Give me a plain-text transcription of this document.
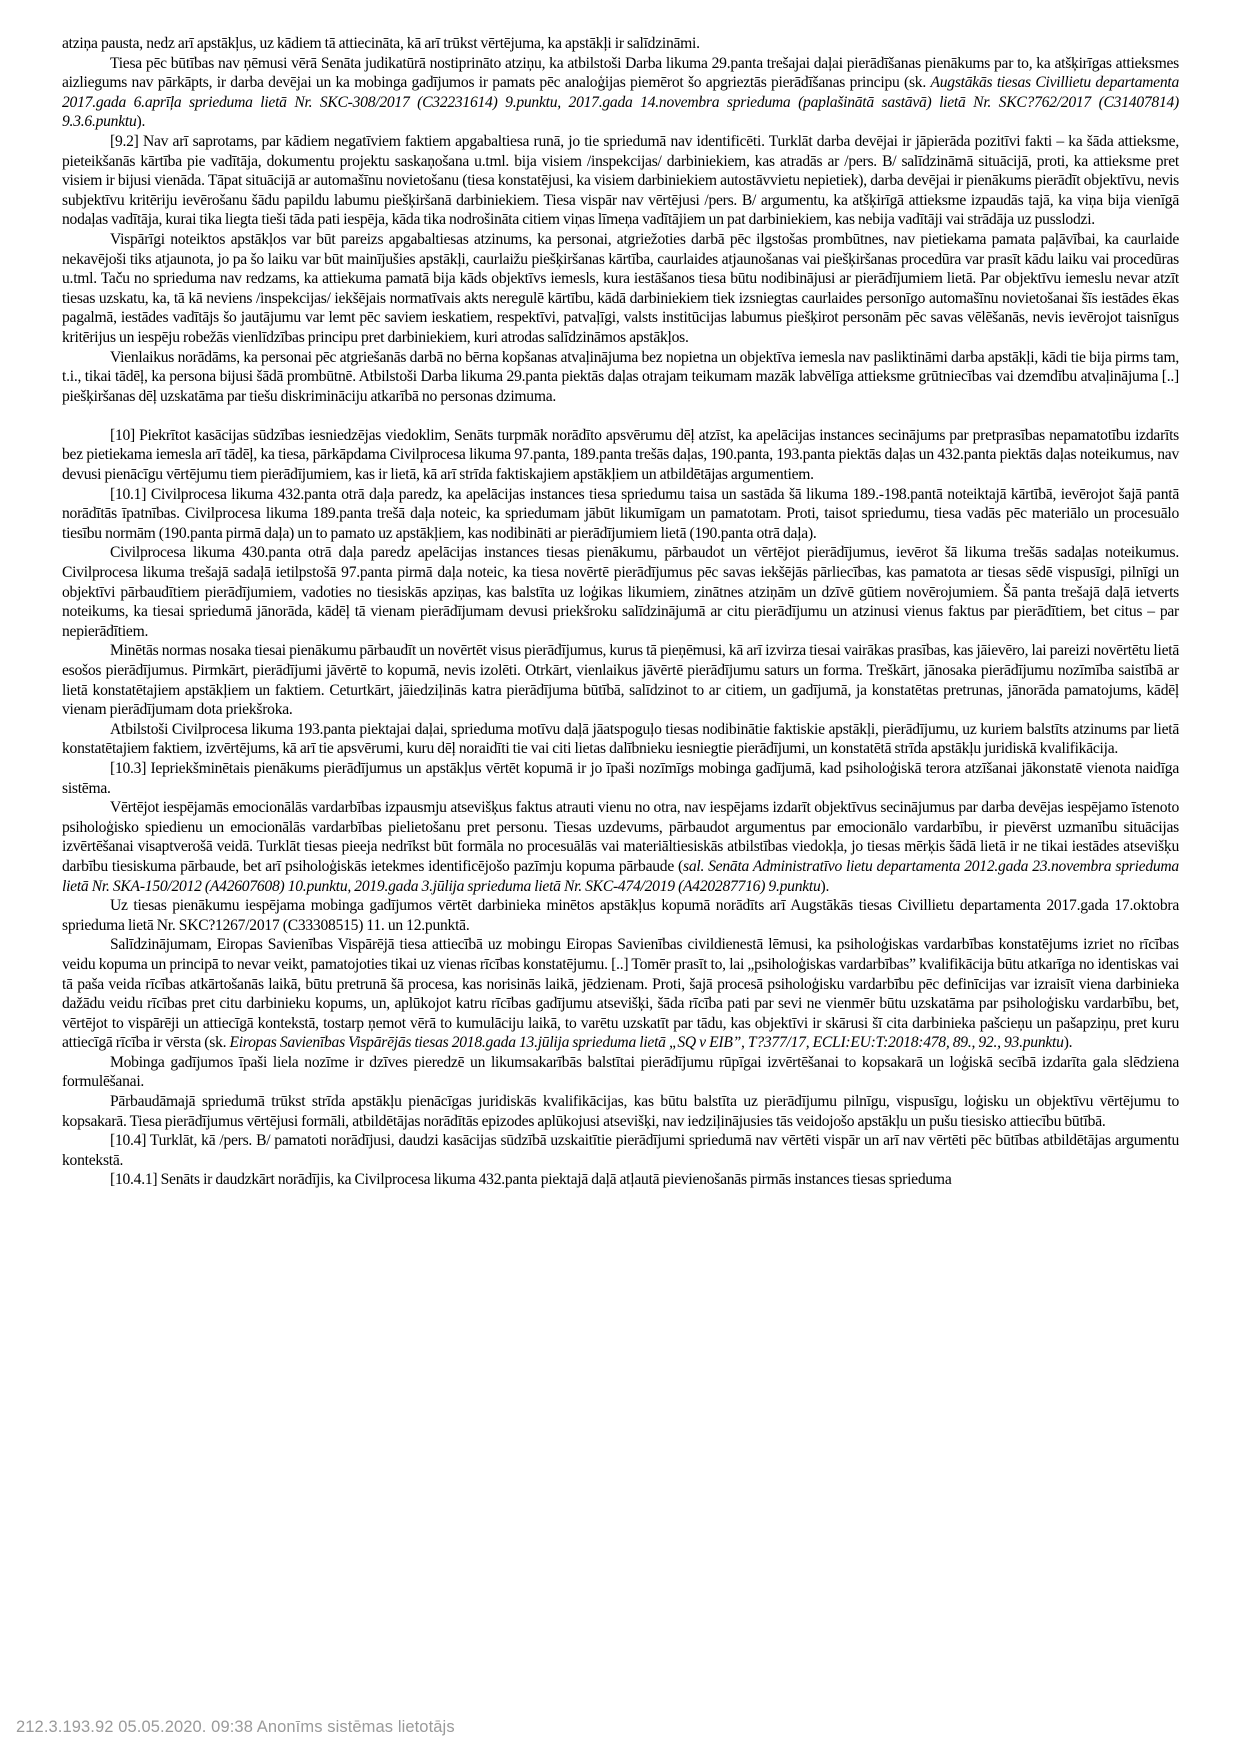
atziņa pausta, nedz arī apstākļus, uz kādiem tā attiecināta, kā arī trūkst vērtējuma, ka apstākļi ir salīdzināmi.

Tiesa pēc būtības nav ņēmusi vērā Senāta judikatūrā nostiprināto atziņu, ka atbilstoši Darba likuma 29.panta trešajai daļai pierādīšanas pienākums par to, ka atšķirīgas attieksmes aizliegums nav pārkāpts, ir darba devējai un ka mobinga gadījumos ir pamats pēc analoģijas piemērot šo apgrieztās pierādīšanas principu (sk. Augstākās tiesas Civillietu departamenta 2017.gada 6.aprīļa sprieduma lietā Nr. SKC-308/2017 (C32231614) 9.punktu, 2017.gada 14.novembra sprieduma (paplašinātā sastāvā) lietā Nr. SKC?762/2017 (C31407814) 9.3.6.punktu).

[9.2] Nav arī saprotams, par kādiem negatīviem faktiem apgabaltiesa runā, jo tie spriedumā nav identificēti. Turklāt darba devējai ir jāpierāda pozitīvi fakti – ka šāda attieksme, pieteikšanās kārtība pie vadītāja, dokumentu projektu saskaņošana u.tml. bija visiem /inspekcijas/ darbiniekiem, kas atradās ar /pers. B/ salīdzināmā situācijā, proti, ka attieksme pret visiem ir bijusi vienāda. Tāpat situācijā ar automašīnu novietošanu (tiesa konstatējusi, ka visiem darbiniekiem autostāvvietu nepietiek), darba devējai ir pienākums pierādīt objektīvu, nevis subjektīvu kritēriju ievērošanu šādu papildu labumu piešķiršanā darbiniekiem. Tiesa vispār nav vērtējusi /pers. B/ argumentu, ka atšķirīgā attieksme izpaudās tajā, ka viņa bija vienīgā nodaļas vadītāja, kurai tika liegta tieši tāda pati iespēja, kāda tika nodrošināta citiem viņas līmeņa vadītājiem un pat darbiniekiem, kas nebija vadītāji vai strādāja uz pusslodzi.

Vispārīgi noteiktos apstākļos var būt pareizs apgabaltiesas atzinums, ka personai, atgriežoties darbā pēc ilgstošas prombūtnes, nav pietiekama pamata paļāvībai, ka caurlaide nekavējoši tiks atjaunota, jo pa šo laiku var būt mainījušies apstākļi, caurlaižu piešķiršanas kārtība, caurlaides atjaunošanas vai piešķiršanas procedūra var prasīt kādu laiku vai procedūras u.tml. Taču no sprieduma nav redzams, ka attiekuma pamatā bija kāds objektīvs iemesls, kura iestāšanos tiesa būtu nodibinājusi ar pierādījumiem lietā. Par objektīvu iemeslu nevar atzīt tiesas uzskatu, ka, tā kā neviens /inspekcijas/ iekšējais normatīvais akts neregulē kārtību, kādā darbiniekiem tiek izsniegtas caurlaides personīgo automašīnu novietošanai šīs iestādes ēkas pagalmā, iestādes vadītājs šo jautājumu var lemt pēc saviem ieskatiem, respektīvi, patvaļīgi, valsts institūcijas labumus piešķirot personām pēc savas vēlēšanās, nevis ievērojot taisnīgus kritērijus un iespēju robežās vienlīdzības principu pret darbiniekiem, kuri atrodas salīdzināmos apstākļos.

Vienlaikus norādāms, ka personai pēc atgriešanās darbā no bērna kopšanas atvaļinājuma bez nopietna un objektīva iemesla nav pasliktināmi darba apstākļi, kādi tie bija pirms tam, t.i., tikai tādēļ, ka persona bijusi šādā prombūtnē. Atbilstoši Darba likuma 29.panta piektās daļas otrajam teikumam mazāk labvēlīga attieksme grūtniecības vai dzemdību atvaļinājuma [..] piešķiršanas dēļ uzskatāma par tiešu diskrimināciju atkarībā no personas dzimuma.

[10] Piekrītot kasācijas sūdzības iesniedzējas viedoklim, Senāts turpmāk norādīto apsvērumu dēļ atzīst, ka apelācijas instances secinājums par pretprasības nepamatotību izdarīts bez pietiekama iemesla arī tādēļ, ka tiesa, pārkāpdama Civilprocesa likuma 97.panta, 189.panta trešās daļas, 190.panta, 193.panta piektās daļas un 432.panta piektās daļas noteikumus, nav devusi pienācīgu vērtējumu tiem pierādījumiem, kas ir lietā, kā arī strīda faktiskajiem apstākļiem un atbildētājas argumentiem.

[10.1] Civilprocesa likuma 432.panta otrā daļa paredz, ka apelācijas instances tiesa spriedumu taisa un sastāda šā likuma 189.-198.pantā noteiktajā kārtībā, ievērojot šajā pantā norādītās īpatnības. Civilprocesa likuma 189.panta trešā daļa noteic, ka spriedumam jābūt likumīgam un pamatotam. Proti, taisot spriedumu, tiesa vadās pēc materiālo un procesuālo tiesību normām (190.panta pirmā daļa) un to pamato uz apstākļiem, kas nodibināti ar pierādījumiem lietā (190.panta otrā daļa).

Civilprocesa likuma 430.panta otrā daļa paredz apelācijas instances tiesas pienākumu, pārbaudot un vērtējot pierādījumus, ievērot šā likuma trešās sadaļas noteikumus. Civilprocesa likuma trešajā sadaļā ietilpstošā 97.panta pirmā daļa noteic, ka tiesa novērtē pierādījumus pēc savas iekšējās pārliecības, kas pamatota ar tiesas sēdē vispusīgi, pilnīgi un objektīvi pārbaudītiem pierādījumiem, vadoties no tiesiskās apziņas, kas balstīta uz loģikas likumiem, zinātnes atziņām un dzīvē gūtiem novērojumiem. Šā panta trešajā daļā ietverts noteikums, ka tiesai spriedumā jānorāda, kādēļ tā vienam pierādījumam devusi priekšroku salīdzinājumā ar citu pierādījumu un atzinusi vienus faktus par pierādītiem, bet citus – par nepierādītiem.

Minētās normas nosaka tiesai pienākumu pārbaudīt un novērtēt visus pierādījumus, kurus tā pieņēmusi, kā arī izvirza tiesai vairākas prasības, kas jāievēro, lai pareizi novērtētu lietā esošos pierādījumus. Pirmkārt, pierādījumi jāvērtē to kopumā, nevis izolēti. Otrkārt, vienlaikus jāvērtē pierādījumu saturs un forma. Treškārt, jānosaka pierādījumu nozīmība saistībā ar lietā konstatētajiem apstākļiem un faktiem. Ceturtkārt, jāiedziļinās katra pierādījuma būtībā, salīdzinot to ar citiem, un gadījumā, ja konstatētas pretrunas, jānorāda pamatojums, kādēļ vienam pierādījumam dota priekšroka.

Atbilstoši Civilprocesa likuma 193.panta piektajai daļai, sprieduma motīvu daļā jāatspoguļo tiesas nodibinātie faktiskie apstākļi, pierādījumu, uz kuriem balstīts atzinums par lietā konstatētajiem faktiem, izvērtējums, kā arī tie apsvērumi, kuru dēļ noraidīti tie vai citi lietas dalībnieku iesniegtie pierādījumi, un konstatētā strīda apstākļu juridiskā kvalifikācija.

[10.3] Iepriekšminētais pienākums pierādījumus un apstākļus vērtēt kopumā ir jo īpaši nozīmīgs mobinga gadījumā, kad psiholoģiskā terora atzīšanai jākonstatē vienota naidīga sistēma.

Vērtējot iespējamās emocionālās vardarbības izpausmju atsevišķus faktus atrauti vienu no otra, nav iespējams izdarīt objektīvus secinājumus par darba devējas iespējamo īstenoto psiholoģisko spiedienu un emocionālās vardarbības pielietošanu pret personu. Tiesas uzdevums, pārbaudot argumentus par emocionālo vardarbību, ir pievērst uzmanību situācijas izvērtēšanai visaptverošā veidā. Turklāt tiesas pieeja nedrīkst būt formāla no procesuālās vai materiāltiesiskās atbilstības viedokļa, jo tiesas mērķis šādā lietā ir ne tikai iestādes atsevišķu darbību tiesiskuma pārbaude, bet arī psiholoģiskās ietekmes identificējošo pazīmju kopuma pārbaude (sal. Senāta Administratīvo lietu departamenta 2012.gada 23.novembra sprieduma lietā Nr. SKA-150/2012 (A42607608) 10.punktu, 2019.gada 3.jūlija sprieduma lietā Nr. SKC-474/2019 (A420287716) 9.punktu).

Uz tiesas pienākumu iespējama mobinga gadījumos vērtēt darbinieka minētos apstākļus kopumā norādīts arī Augstākās tiesas Civillietu departamenta 2017.gada 17.oktobra sprieduma lietā Nr. SKC?1267/2017 (C33308515) 11. un 12.punktā.

Salīdzinājumam, Eiropas Savienības Vispārējā tiesa attiecībā uz mobingu Eiropas Savienības civildienestā lēmusi, ka psiholoģiskas vardarbības konstatējums izriet no rīcības veidu kopuma un principā to nevar veikt, pamatojoties tikai uz vienas rīcības konstatējumu. [..] Tomēr prasīt to, lai „psiholoģiskas vardarbības” kvalifikācija būtu atkarīga no identiskas vai tā paša veida rīcības atkārtošanās laikā, būtu pretrunā šā procesa, kas norisinās laikā, jēdzienam. Proti, šajā procesā psiholoģisku vardarbību pēc definīcijas var izraisīt viena darbinieka dažādu veidu rīcības pret citu darbinieku kopums, un, aplūkojot katru rīcības gadījumu atsevišķi, šāda rīcība pati par sevi ne vienmēr būtu uzskatāma par psiholoģisku vardarbību, bet, vērtējot to vispārēji un attiecīgā kontekstā, tostarp ņemot vērā to kumulāciju laikā, to varētu uzskatīt par tādu, kas objektīvi ir skārusi šī cita darbinieka pašcieņu un pašapziņu, pret kuru attiecīgā rīcība ir vērsta (sk. Eiropas Savienības Vispārējās tiesas 2018.gada 13.jūlija sprieduma lietā „SQ v EIB”, T?377/17, ECLI:EU:T:2018:478, 89., 92., 93.punktu).

Mobinga gadījumos īpaši liela nozīme ir dzīves pieredzē un likumsakarībās balstītai pierādījumu rūpīgai izvērtēšanai to kopsakarā un loģiskā secībā izdarīta gala slēdziena formulēšanai.

Pārbaudāmajā spriedumā trūkst strīda apstākļu pienācīgas juridiskās kvalifikācijas, kas būtu balstīta uz pierādījumu pilnīgu, vispusīgu, loģisku un objektīvu vērtējumu to kopsakarā. Tiesa pierādījumus vērtējusi formāli, atbildētājas norādītās epizodes aplūkojusi atsevišķi, nav iedziļinājusies tās veidojošo apstākļu un pušu tiesisko attiecību būtībā.

[10.4] Turklāt, kā /pers. B/ pamatoti norādījusi, daudzi kasācijas sūdzībā uzskaitītie pierādījumi spriedumā nav vērtēti vispār un arī nav vērtēti pēc būtības atbildētājas argumentu kontekstā.

[10.4.1] Senāts ir daudzkārt norādījis, ka Civilprocesa likuma 432.panta piektajā daļā atļautā pievienošanās pirmās instances tiesas sprieduma

212.3.193.92 05.05.2020. 09:38 Anonīms sistēmas lietotājs
